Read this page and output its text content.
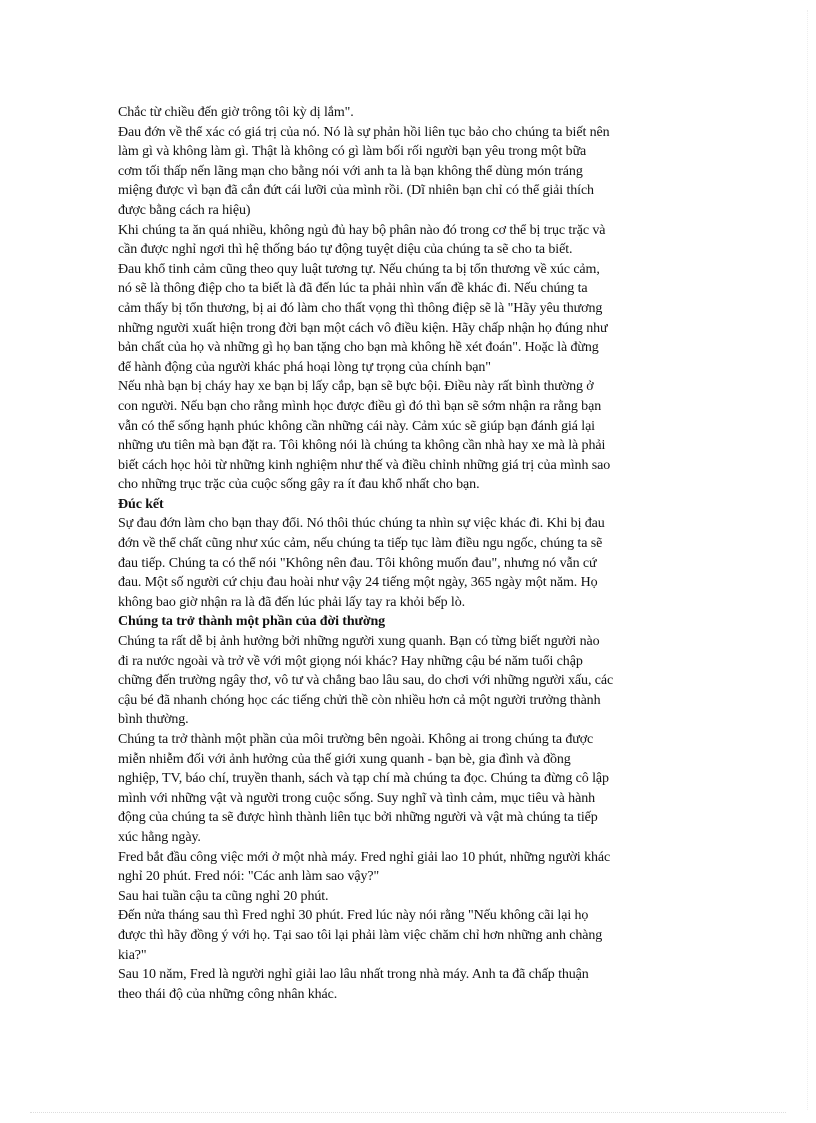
Chắc từ chiều đến giờ trông tôi kỳ dị lắm".

Đau đớn về thể xác có giá trị của nó. Nó là sự phản hồi liên tục bảo cho chúng ta biết nên
làm gì và không làm gì. Thật là không có gì làm bối rối người bạn yêu trong một bữa
cơm tối thấp nến lãng mạn cho bằng nói với anh ta là bạn không thể dùng món tráng
miệng được vì bạn đã cắn đứt cái lưỡi của mình rồi. (Dĩ nhiên bạn chỉ có thể giải thích
được bằng cách ra hiệu)

Khi chúng ta ăn quá nhiều, không ngủ đủ hay bộ phân nào đó trong cơ thể bị trục trặc và
cần được nghỉ ngơi thì hệ thống báo tự động tuyệt diệu của chúng ta sẽ cho ta biết.

Đau khổ tinh cảm cũng theo quy luật tương tự. Nếu chúng ta bị tổn thương về xúc cảm,
nó sẽ là thông điệp cho ta biết là đã đến lúc ta phải nhìn vấn đề khác đi. Nếu chúng ta
cảm thấy bị tổn thương, bị ai đó làm cho thất vọng thì thông điệp sẽ là "Hãy yêu thương
những người xuất hiện trong đời bạn một cách vô điều kiện. Hãy chấp nhận họ đúng như
bản chất của họ và những gì họ ban tặng cho bạn mà không hề xét đoán". Hoặc là đừng
để hành động của người khác phá hoại lòng tự trọng của chính bạn"

Nếu nhà bạn bị cháy hay xe bạn bị lấy cắp, bạn sẽ bực bội. Điều này rất bình thường ở
con người. Nếu bạn cho rằng mình học được điều gì đó thì bạn sẽ sớm nhận ra rằng bạn
vẫn có thể sống hạnh phúc không cần những cái này. Cảm xúc sẽ giúp bạn đánh giá lại
những ưu tiên mà bạn đặt ra. Tôi không nói là chúng ta không cần nhà hay xe mà là phải
biết cách học hỏi từ những kinh nghiệm như thế và điều chỉnh những giá trị của mình sao
cho những trục trặc của cuộc sống gây ra ít đau khổ nhất cho bạn.

Đúc kết

Sự đau đớn làm cho bạn thay đổi. Nó thôi thúc chúng ta nhìn sự việc khác đi. Khi bị đau
đớn về thể chất cũng như xúc cảm, nếu chúng ta tiếp tục làm điều ngu ngốc, chúng ta sẽ
đau tiếp. Chúng ta có thể nói "Không nên đau. Tôi không muốn đau", nhưng nó vẫn cứ
đau. Một số người cứ chịu đau hoài như vậy 24 tiếng một ngày, 365 ngày một năm. Họ
không bao giờ nhận ra là đã đến lúc phải lấy tay ra khỏi bếp lò.

Chúng ta trở thành một phần của đời thường

Chúng ta rất dễ bị ảnh hưởng bởi những người xung quanh. Bạn có từng biết người nào
đi ra nước ngoài và trở về với một giọng nói khác? Hay những cậu bé năm tuổi chập
chững đến trường ngây thơ, vô tư và chẳng bao lâu sau, do chơi với những người xấu, các
cậu bé đã nhanh chóng học các tiếng chửi thề còn nhiều hơn cả một người trưởng thành
bình thường.

Chúng ta trở thành một phần của môi trường bên ngoài. Không ai trong chúng ta được
miễn nhiễm đối với ảnh hưởng của thế giới xung quanh - bạn bè, gia đình và đồng
nghiệp, TV, báo chí, truyền thanh, sách và tạp chí mà chúng ta đọc. Chúng ta đừng cô lập
mình với những vật và người trong cuộc sống. Suy nghĩ và tình cảm, mục tiêu và hành
động của chúng ta sẽ được hình thành liên tục bởi những người và vật mà chúng ta tiếp
xúc hằng ngày.

Fred bắt đầu công việc mới ở một nhà máy. Fred nghỉ giải lao 10 phút, những người khác
nghỉ 20 phút. Fred nói: "Các anh làm sao vậy?"

Sau hai tuần cậu ta cũng nghỉ 20 phút.

Đến nửa tháng sau thì Fred nghỉ 30 phút. Fred lúc này nói rằng "Nếu không cãi lại họ
được thì hãy đồng ý với họ. Tại sao tôi lại phải làm việc chăm chỉ hơn những anh chàng
kia?"

Sau 10 năm, Fred là người nghỉ giải lao lâu nhất trong nhà máy. Anh ta đã chấp thuận
theo thái độ của những công nhân khác.
